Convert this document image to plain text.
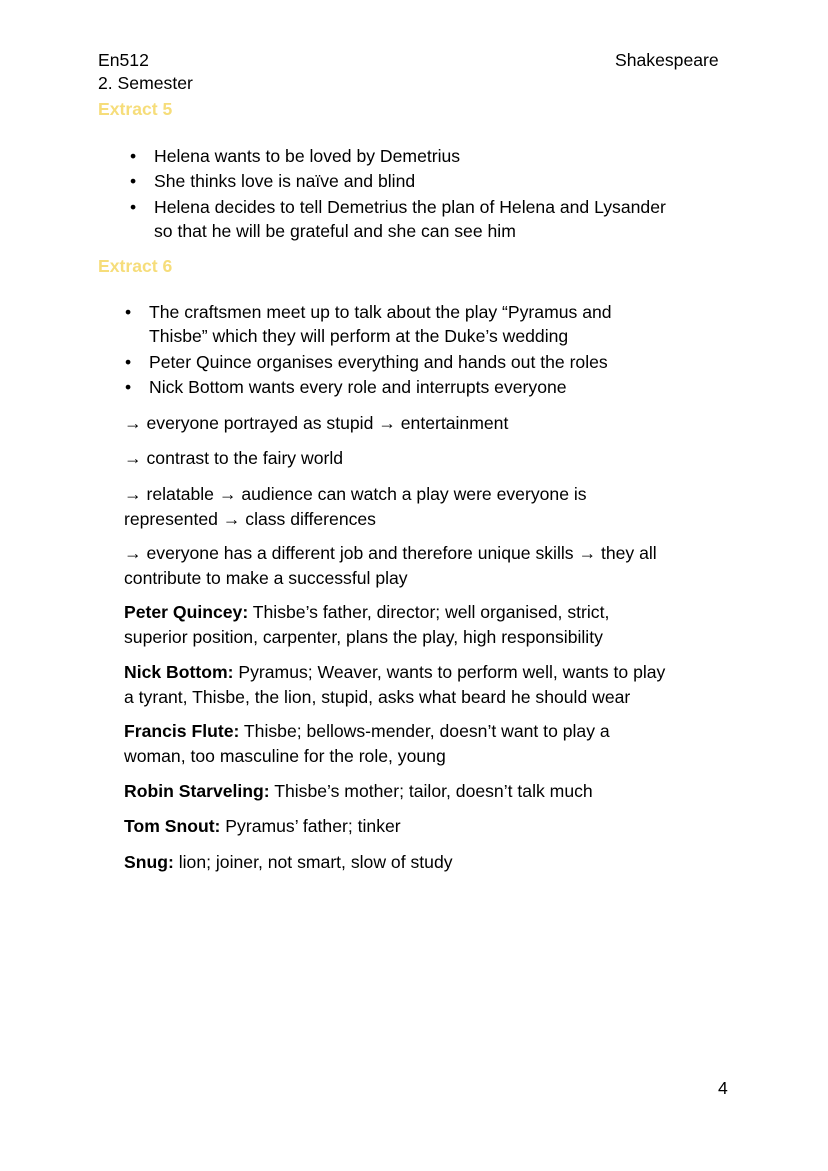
En512
2. Semester
Shakespeare
Extract 5
• Helena wants to be loved by Demetrius
• She thinks love is naïve and blind
• Helena decides to tell Demetrius the plan of Helena and Lysander
so that he will be grateful and she can see him
Extract 6
• The craftsmen meet up to talk about the play “Pyramus and
Thisbe” which they will perform at the Duke’s wedding
• Peter Quince organises everything and hands out the roles
• Nick Bottom wants every role and interrupts everyone
→ everyone portrayed as stupid → entertainment
→ contrast to the fairy world
→ relatable → audience can watch a play were everyone is
represented → class differences
→ everyone has a different job and therefore unique skills → they all
contribute to make a successful play
Peter Quincey: Thisbe’s father, director; well organised, strict,
superior position, carpenter, plans the play, high responsibility
Nick Bottom: Pyramus; Weaver, wants to perform well, wants to play
a tyrant, Thisbe, the lion, stupid, asks what beard he should wear
Francis Flute: Thisbe; bellows-mender, doesn’t want to play a
woman, too masculine for the role, young
Robin Starveling: Thisbe’s mother; tailor, doesn’t talk much
Tom Snout: Pyramus’ father; tinker
Snug: lion; joiner, not smart, slow of study
4
